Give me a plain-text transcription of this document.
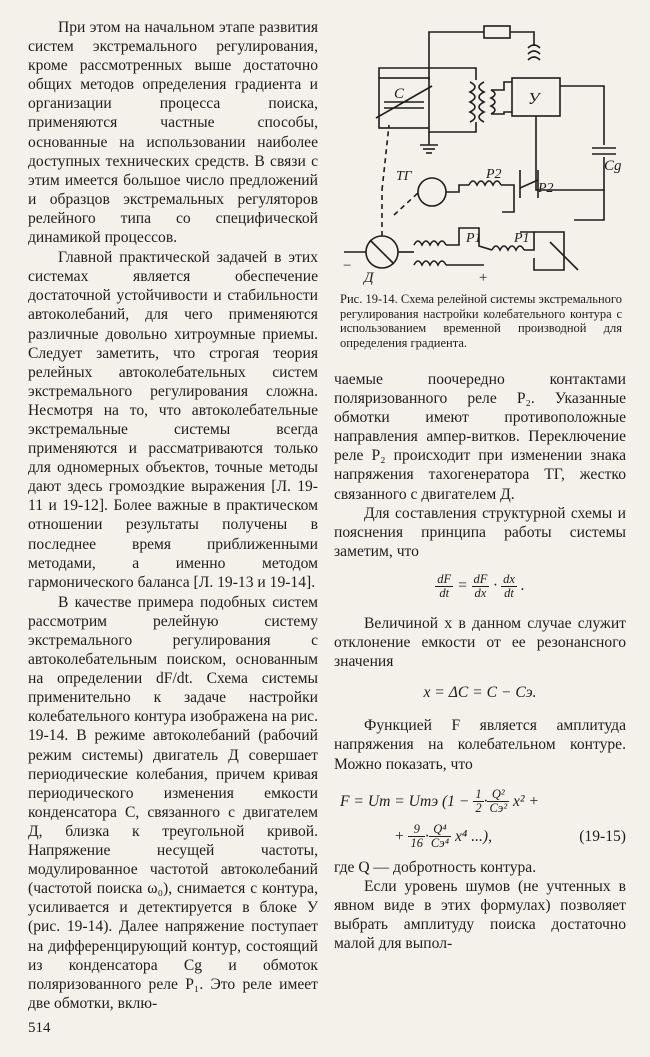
При этом на начальном этапе развития систем экстремального регулирования, кроме рассмотренных выше достаточно общих методов определения градиента и организации процесса поиска, применяются частные способы, основанные на использовании наиболее доступных технических средств. В связи с этим имеется большое число предложений и образцов экстремальных регуляторов релейного типа со специфической динамикой процессов.

Главной практической задачей в этих системах является обеспечение достаточной устойчивости и стабильности автоколебаний, для чего применяются различные довольно хитроумные приемы. Следует заметить, что строгая теория релейных автоколебательных систем экстремального регулирования сложна. Несмотря на то, что автоколебательные экстремальные системы всегда применяются и рассматриваются только для одномерных объектов, точные методы дают здесь громоздкие выражения [Л. 19-11 и 19-12]. Более важные в практическом отношении результаты получены в последнее время приближенными методами, а именно методом гармонического баланса [Л. 19-13 и 19-14].

В качестве примера подобных систем рассмотрим релейную систему экстремального регулирования с автоколебательным поиском, основанным на определении dF/dt. Схема системы применительно к задаче настройки колебательного контура изображена на рис. 19-14. В режиме автоколебаний (рабочий режим системы) двигатель Д совершает периодические колебания, причем кривая периодического изменения емкости конденсатора С, связанного с двигателем Д, близка к треугольной кривой. Напряжение несущей частоты, модулированное частотой автоколебаний (частотой поиска ω₀), снимается с контура, усиливается и детектируется в блоке У (рис. 19-14). Далее напряжение поступает на дифференцирующий контур, состоящий из конденсатора Cg и обмоток поляризованного реле P₁. Это реле имеет две обмотки, вклю-

C	У
Cg
ТГ	P2
P2
P1 P1
Д
−
+
Рис. 19-14. Схема релейной системы экстремального регулирования настройки колебательного контура с использованием временной производной для определения градиента.

чаемые поочередно контактами поляризованного реле P₂. Указанные обмотки имеют противоположные направления ампер-витков. Переключение реле P₂ происходит при изменении знака напряжения тахогенератора ТГ, жестко связанного с двигателем Д.

Для составления структурной схемы и пояснения принципа работы системы заметим, что

$\frac{dF}{dt} = \frac{dF}{dx} \cdot \frac{dx}{dt}$ .

Величиной x в данном случае служит отклонение емкости от ее резонансного значения

x = ΔC = C − Cэ.

Функцией F является амплитуда напряжения на колебательном контуре. Можно показать, что

F = Um = Umэ (1 −
$\frac{1}{2} \cdot \frac{\text{Q²}}{\text{Cэ²}}$
x² +
+
$\frac{9}{16} \cdot \frac{\text{Q⁴}}{\text{Cэ⁴}}$
x⁴ ...),	(19-15)

где Q — добротность контура.

Если уровень шумов (не учтенных в явном виде в этих формулах) позволяет выбрать амплитуду поиска достаточно малой для выпол-

514
